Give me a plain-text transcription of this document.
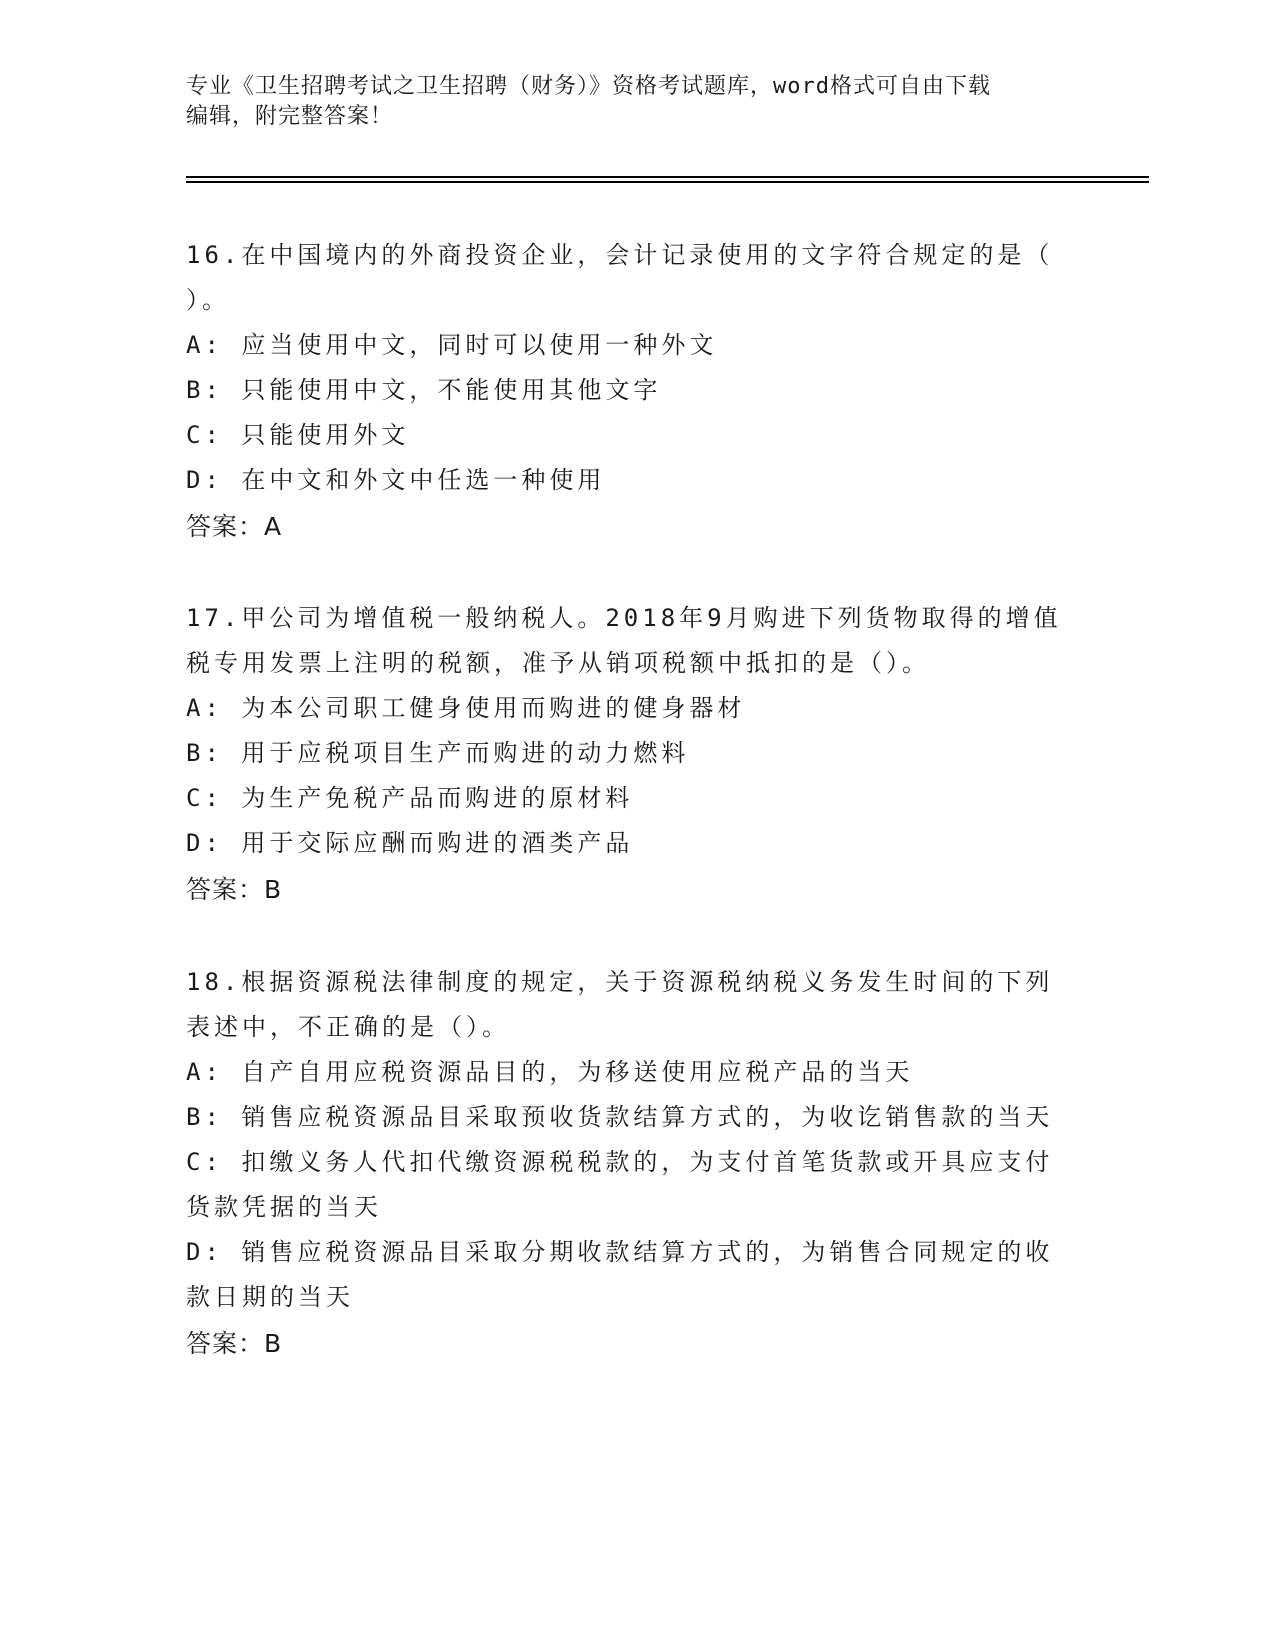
专业《卫生招聘考试之卫生招聘（财务）》资格考试题库，word格式可自由下载
编辑，附完整答案！
16.在中国境内的外商投资企业，会计记录使用的文字符合规定的是（
）。
A: 应当使用中文，同时可以使用一种外文
B: 只能使用中文，不能使用其他文字
C: 只能使用外文
D: 在中文和外文中任选一种使用
答案：A
17.甲公司为增值税一般纳税人。2018年9月购进下列货物取得的增值
税专用发票上注明的税额，准予从销项税额中抵扣的是（）。
A: 为本公司职工健身使用而购进的健身器材
B: 用于应税项目生产而购进的动力燃料
C: 为生产免税产品而购进的原材料
D: 用于交际应酬而购进的酒类产品
答案：B
18.根据资源税法律制度的规定，关于资源税纳税义务发生时间的下列
表述中，不正确的是（）。
A: 自产自用应税资源品目的，为移送使用应税产品的当天
B: 销售应税资源品目采取预收货款结算方式的，为收讫销售款的当天
C: 扣缴义务人代扣代缴资源税税款的，为支付首笔货款或开具应支付
货款凭据的当天
D: 销售应税资源品目采取分期收款结算方式的，为销售合同规定的收
款日期的当天
答案：B
